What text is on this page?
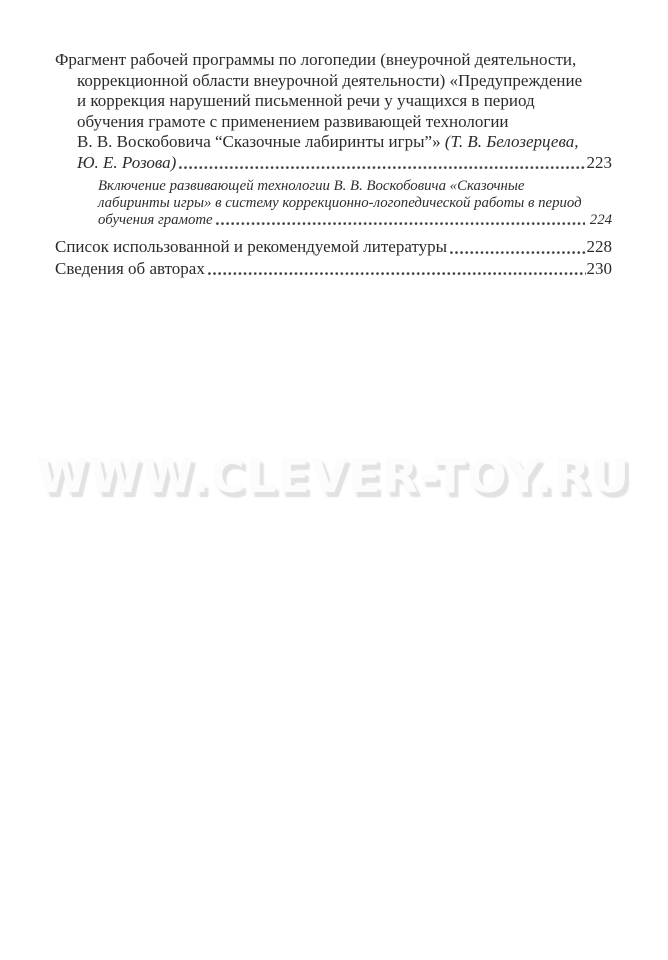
Фрагмент рабочей программы по логопедии (внеурочной деятельности,
коррекционной области внеурочной деятельности) «Предупреждение
и коррекция нарушений письменной речи у учащихся в период
обучения грамоте с применением развивающей технологии
В. В. Воскобовича “Сказочные лабиринты игры”» (Т. В. Белозерцева,
Ю. Е. Розова)	223
Включение развивающей технологии В. В. Воскобовича «Сказочные
лабиринты игры» в систему коррекционно-логопедической работы в период
обучения грамоте	224
Список использованной и рекомендуемой литературы	228
Сведения об авторах	230
WWW.CLEVER-TOY.RU
